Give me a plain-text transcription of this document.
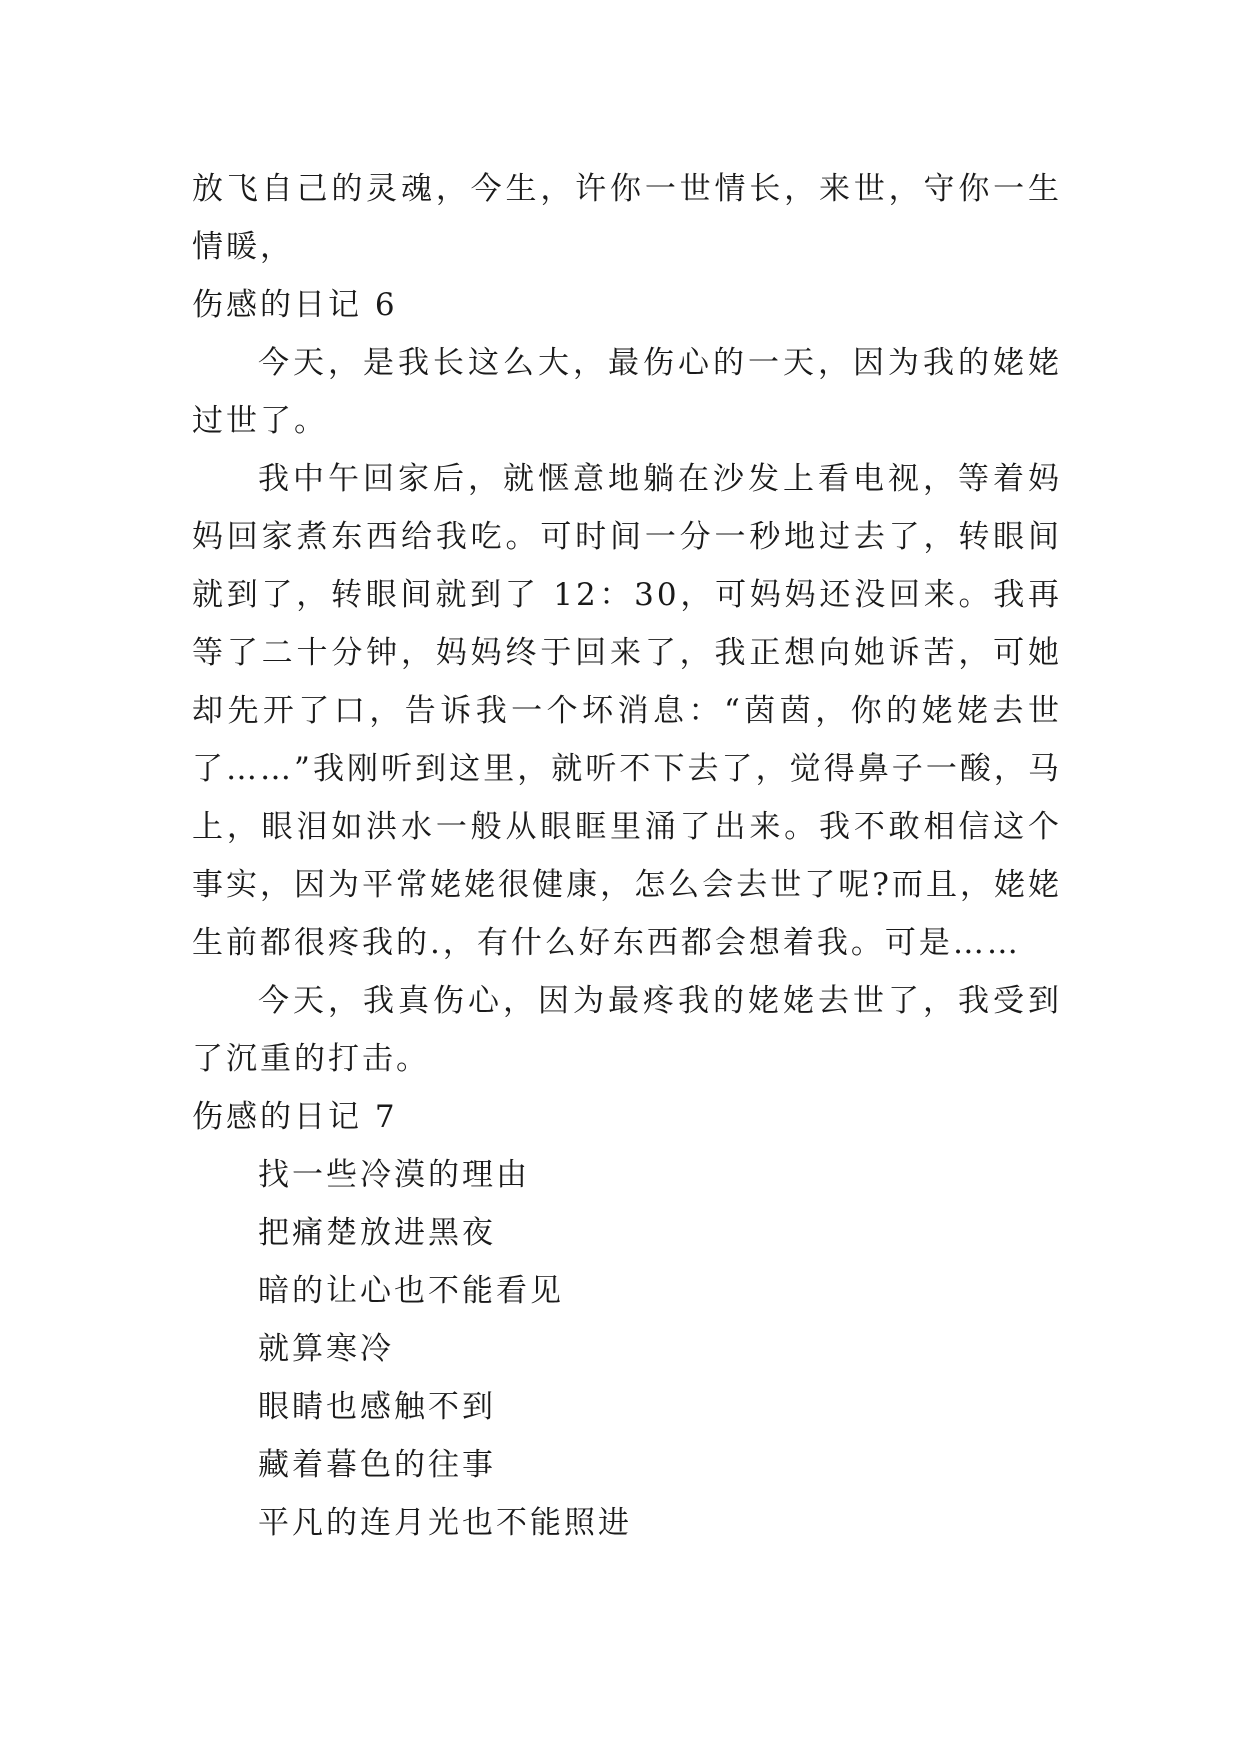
放飞自己的灵魂，今生，许你一世情长，来世，守你一生情暖，

伤感的日记 6

今天，是我长这么大，最伤心的一天，因为我的姥姥过世了。

我中午回家后，就惬意地躺在沙发上看电视，等着妈妈回家煮东西给我吃。可时间一分一秒地过去了，转眼间就到了，转眼间就到了 12：30，可妈妈还没回来。我再等了二十分钟，妈妈终于回来了，我正想向她诉苦，可她却先开了口，告诉我一个坏消息：“茵茵，你的姥姥去世了……”我刚听到这里，就听不下去了，觉得鼻子一酸，马上，眼泪如洪水一般从眼眶里涌了出来。我不敢相信这个事实，因为平常姥姥很健康，怎么会去世了呢?而且，姥姥生前都很疼我的.，有什么好东西都会想着我。可是……

今天，我真伤心，因为最疼我的姥姥去世了，我受到了沉重的打击。

伤感的日记 7

找一些冷漠的理由

把痛楚放进黑夜

暗的让心也不能看见

就算寒冷

眼睛也感触不到

藏着暮色的往事

平凡的连月光也不能照进
